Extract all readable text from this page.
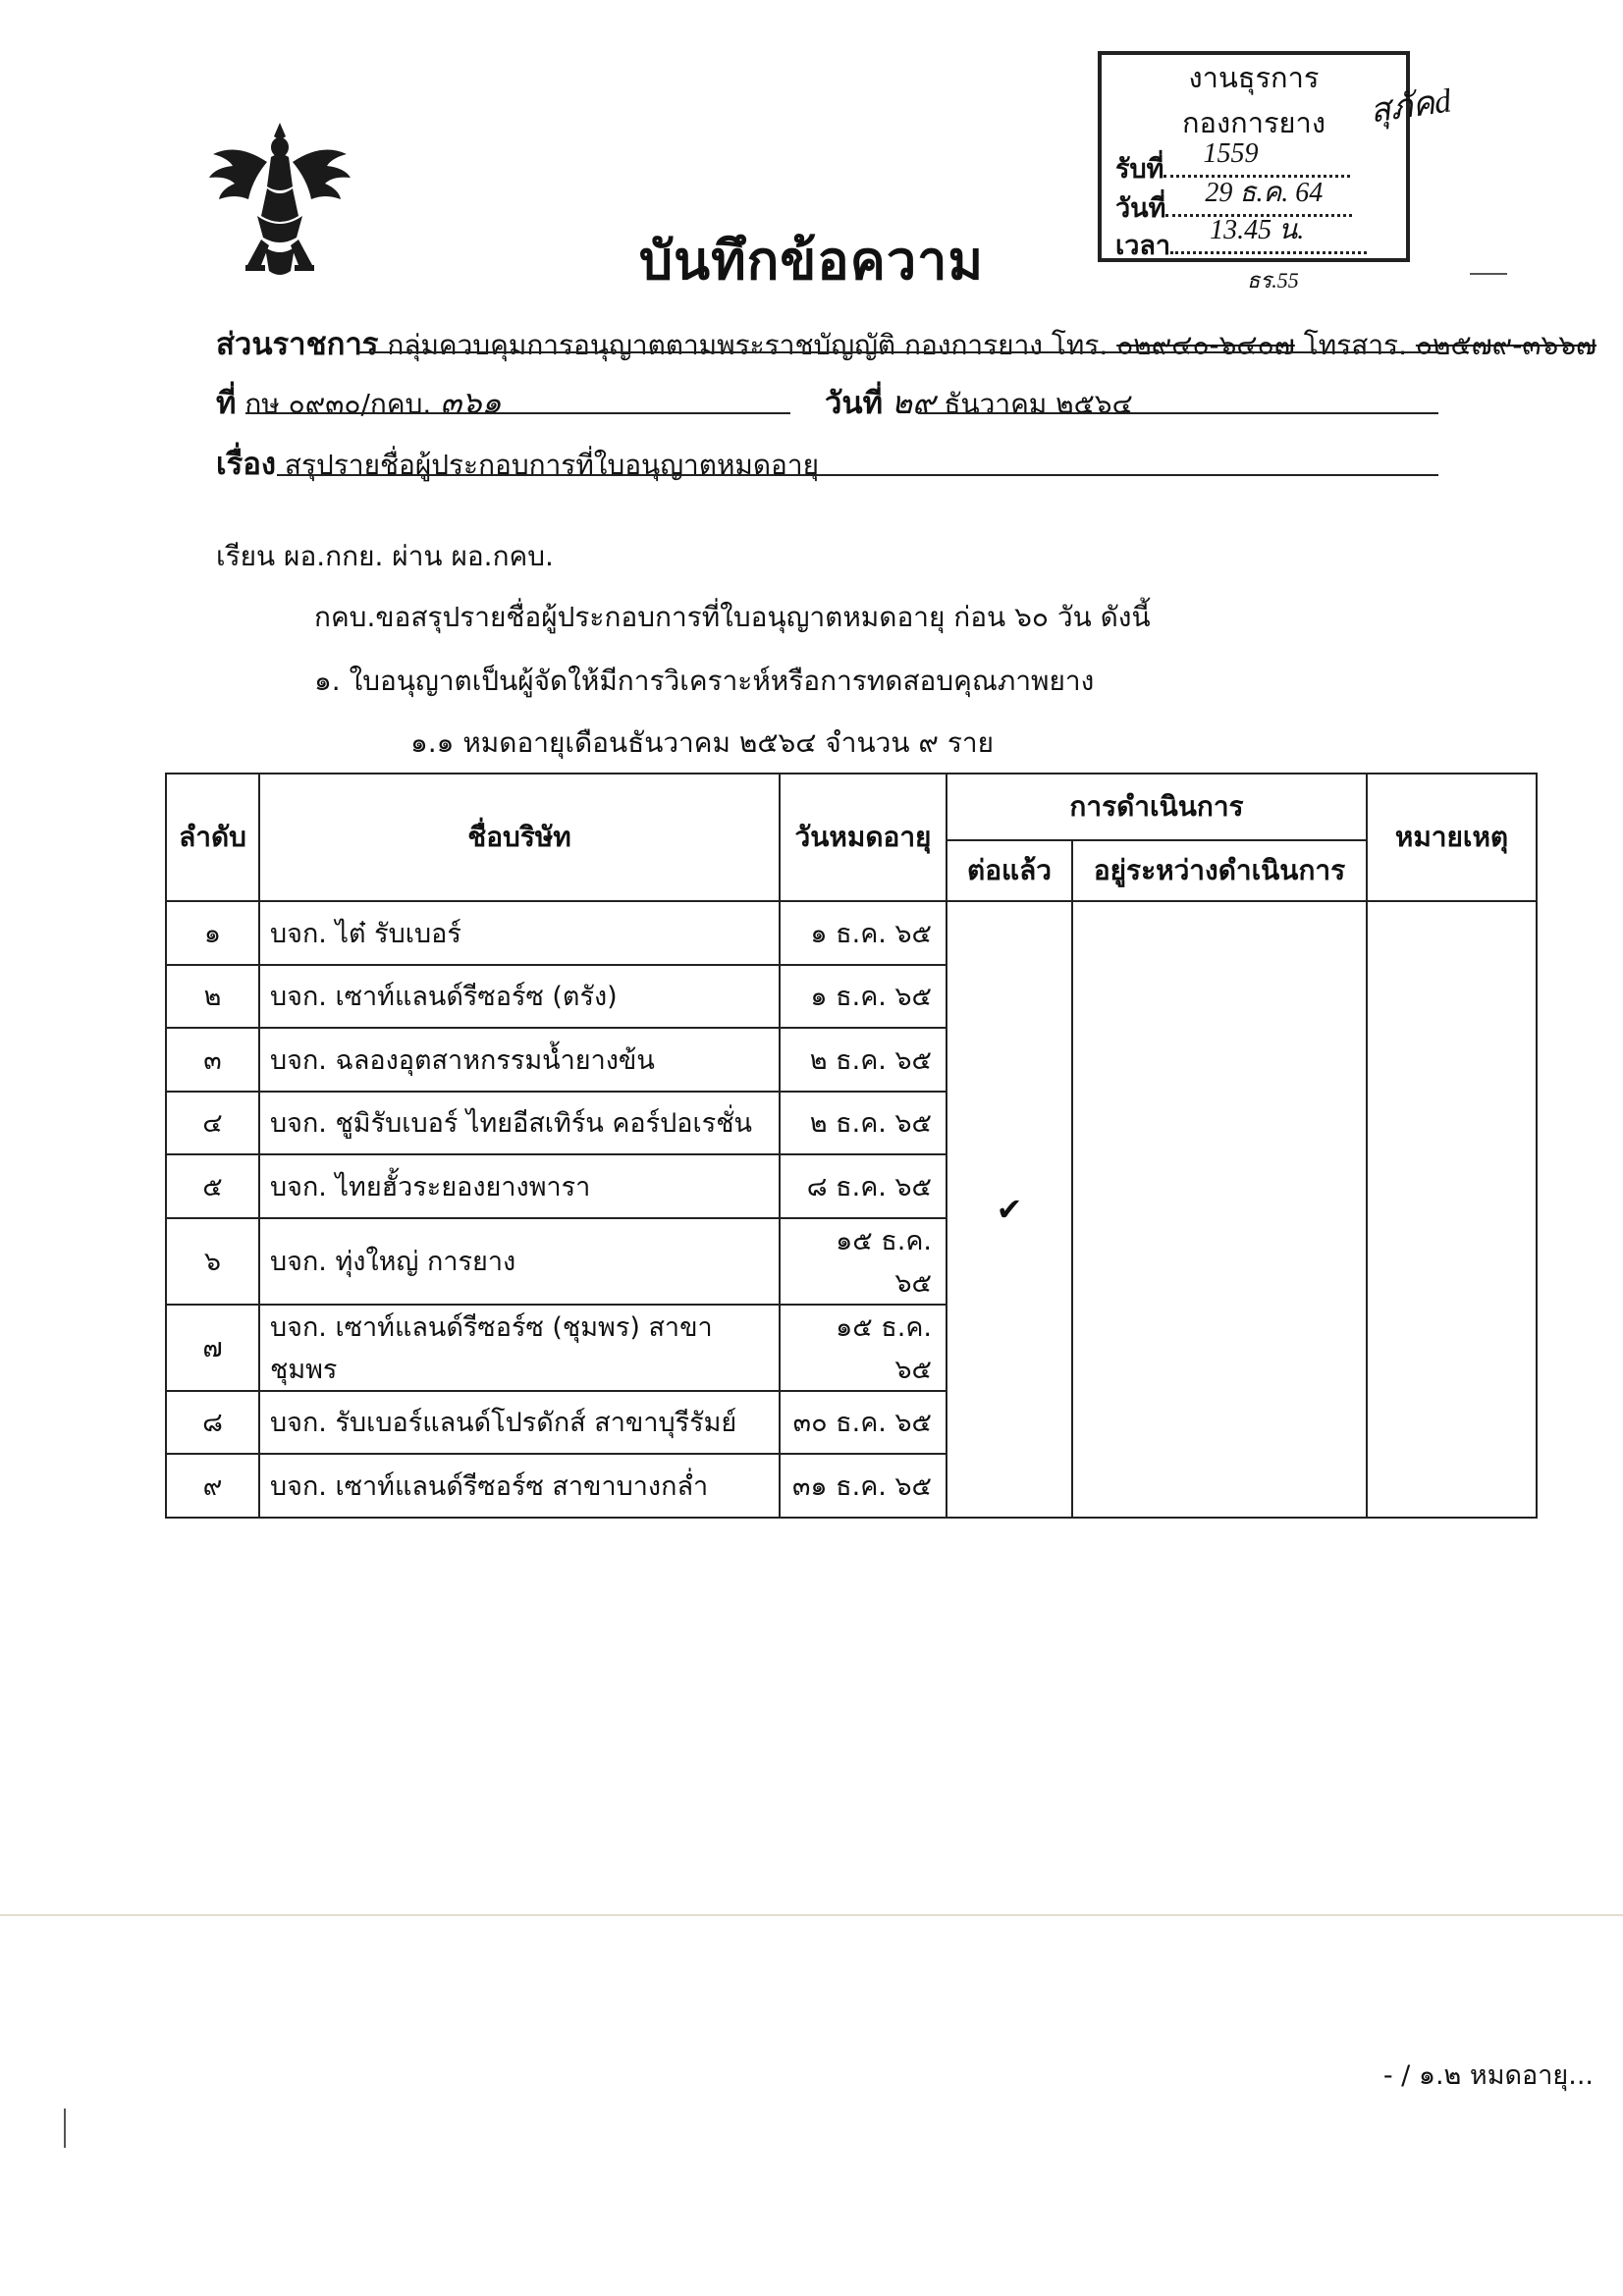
งานธุรการ
กองการยาง
รับที่
1559
วันที่
29 ธ.ค. 64
เวลา
13.45 น.
สุภัคd
ธร.55
บันทึกข้อความ
ส่วนราชการ กลุ่มควบคุมการอนุญาตตามพระราชบัญญัติ กองการยาง โทร. ๐๒๙๔๐-๖๔๐๗ โทรสาร. ๐๒๕๗๙-๓๖๖๗
ที่ กษ ๐๙๓๐/กคบ. ๓๖๑	วันที่ ๒๙ ธันวาคม ๒๕๖๔
เรื่อง สรุปรายชื่อผู้ประกอบการที่ใบอนุญาตหมดอายุ
เรียน ผอ.กกย. ผ่าน ผอ.กคบ.
กคบ.ขอสรุปรายชื่อผู้ประกอบการที่ใบอนุญาตหมดอายุ ก่อน ๖๐ วัน ดังนี้
๑. ใบอนุญาตเป็นผู้จัดให้มีการวิเคราะห์หรือการทดสอบคุณภาพยาง
๑.๑ หมดอายุเดือนธันวาคม ๒๕๖๔ จำนวน ๙ ราย
ลำดับ	ชื่อบริษัท	วันหมดอายุ	การดำเนินการ		หมายเหตุ
			ต่อแล้ว	อยู่ระหว่างดำเนินการ	
๑	บจก. ไต๋ รับเบอร์	๑ ธ.ค. ๖๕	✔		
๒	บจก. เซาท์แลนด์รีซอร์ซ (ตรัง)	๑ ธ.ค. ๖๕			
๓	บจก. ฉลองอุตสาหกรรมน้ำยางข้น	๒ ธ.ค. ๖๕			
๔	บจก. ชูมิรับเบอร์ ไทยอีสเทิร์น คอร์ปอเรชั่น	๒ ธ.ค. ๖๕			
๕	บจก. ไทยฮั้วระยองยางพารา	๘ ธ.ค. ๖๕			
๖	บจก. ทุ่งใหญ่ การยาง	๑๕ ธ.ค. ๖๕			
๗	บจก. เซาท์แลนด์รีซอร์ซ (ชุมพร) สาขาชุมพร	๑๕ ธ.ค. ๖๕			
๘	บจก. รับเบอร์แลนด์โปรดักส์ สาขาบุรีรัมย์	๓๐ ธ.ค. ๖๕			
๙	บจก. เซาท์แลนด์รีซอร์ซ สาขาบางกล่ำ	๓๑ ธ.ค. ๖๕			
- / ๑.๒ หมดอายุ...
